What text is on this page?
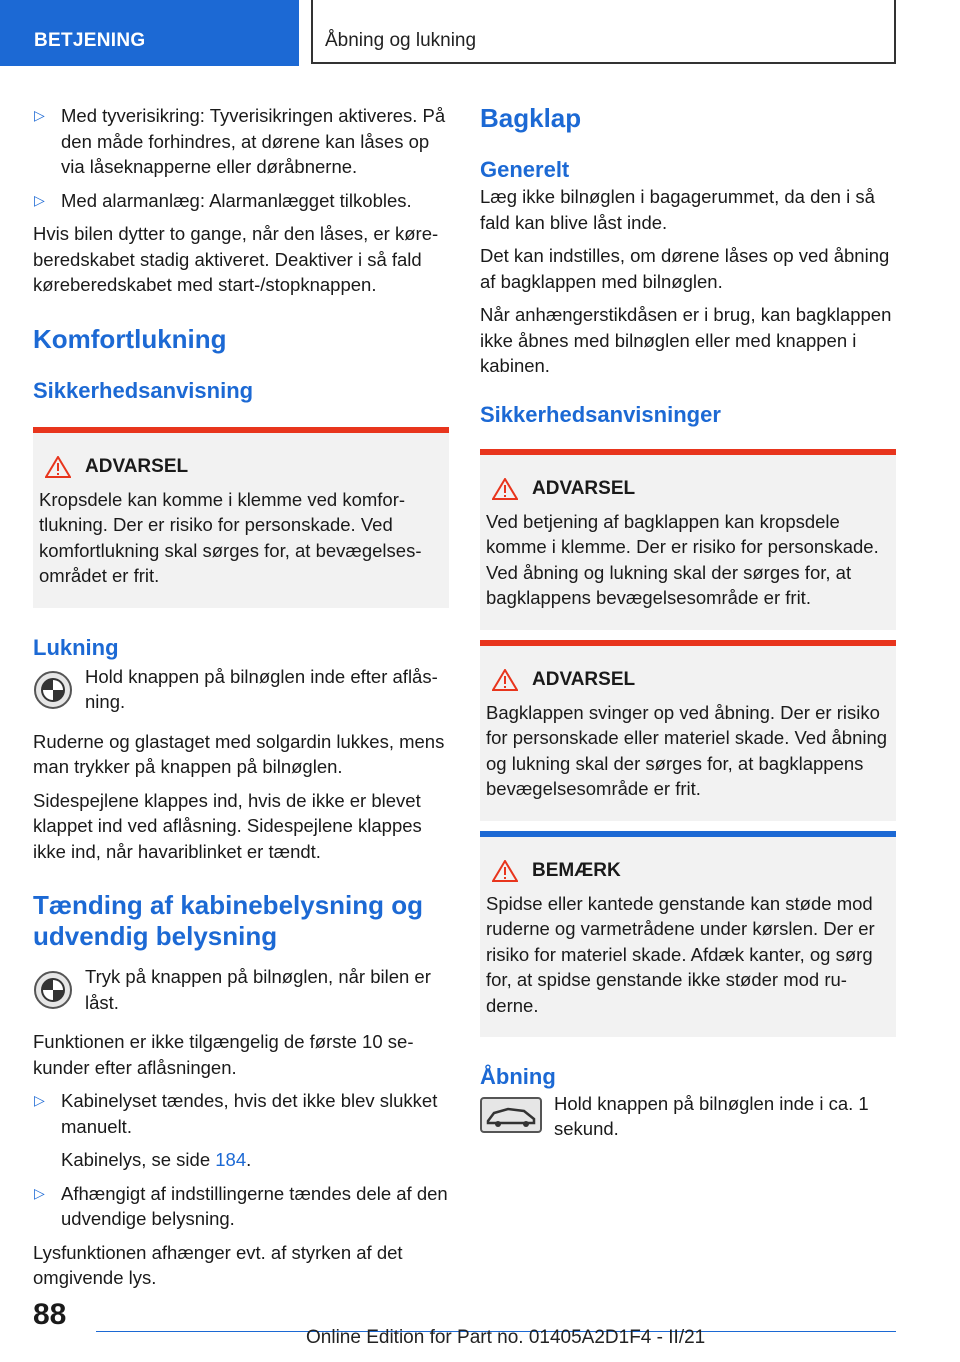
BETJENING	Åbning og lukning
▷ Med tyverisikring: Tyverisikringen aktiveres. På den måde forhindres, at dørene kan låses op via låseknapperne eller døråbnerne.
▷ Med alarmanlæg: Alarmanlægget tilkobles.

Hvis bilen dytter to gange, når den låses, er køreberedskabet stadig aktiveret. Deaktiver i så fald køreberedskabet med start-/stopknappen.

Komfortlukning
Sikkerhedsanvisning
ADVARSEL

Kropsdele kan komme i klemme ved komfortlukning. Der er risiko for personskade. Ved komfortlukning skal sørges for, at bevægelsesområdet er frit.

Lukning

Hold knappen på bilnøglen inde efter aflåsning.

Ruderne og glastaget med solgardin lukkes, mens man trykker på knappen på bilnøglen.

Sidespejlene klappes ind, hvis de ikke er blevet klappet ind ved aflåsning. Sidespejlene klappes ikke ind, når havariblinket er tændt.

Tænding af kabinebelysning og udvendig belysning

Tryk på knappen på bilnøglen, når bilen er låst.

Funktionen er ikke tilgængelig de første 10 sekunder efter aflåsningen.

▷ Kabinelyset tændes, hvis det ikke blev slukket manuelt.

Kabinelys, se side 184.

▷ Afhængigt af indstillingerne tændes dele af den udvendige belysning.

Lysfunktionen afhænger evt. af styrken af det omgivende lys.

Bagklap
Generelt

Læg ikke bilnøglen i bagagerummet, da den i så fald kan blive låst inde.

Det kan indstilles, om dørene låses op ved åbning af bagklappen med bilnøglen.

Når anhængerstikdåsen er i brug, kan bagklappen ikke åbnes med bilnøglen eller med knappen i kabinen.

Sikkerhedsanvisninger
ADVARSEL

Ved betjening af bagklappen kan kropsdele komme i klemme. Der er risiko for personskade. Ved åbning og lukning skal der sørges for, at bagklappens bevægelsesområde er frit.

ADVARSEL

Bagklappen svinger op ved åbning. Der er risiko for personskade eller materiel skade. Ved åbning og lukning skal der sørges for, at bagklappens bevægelsesområde er frit.

BEMÆRK

Spidse eller kantede genstande kan støde mod ruderne og varmetrådene under kørslen. Der er risiko for materiel skade. Afdæk kanter, og sørg for, at spidse genstande ikke støder mod ruderne.

Åbning

Hold knappen på bilnøglen inde i ca. 1 sekund.

88
Online Edition for Part no. 01405A2D1F4 - II/21
